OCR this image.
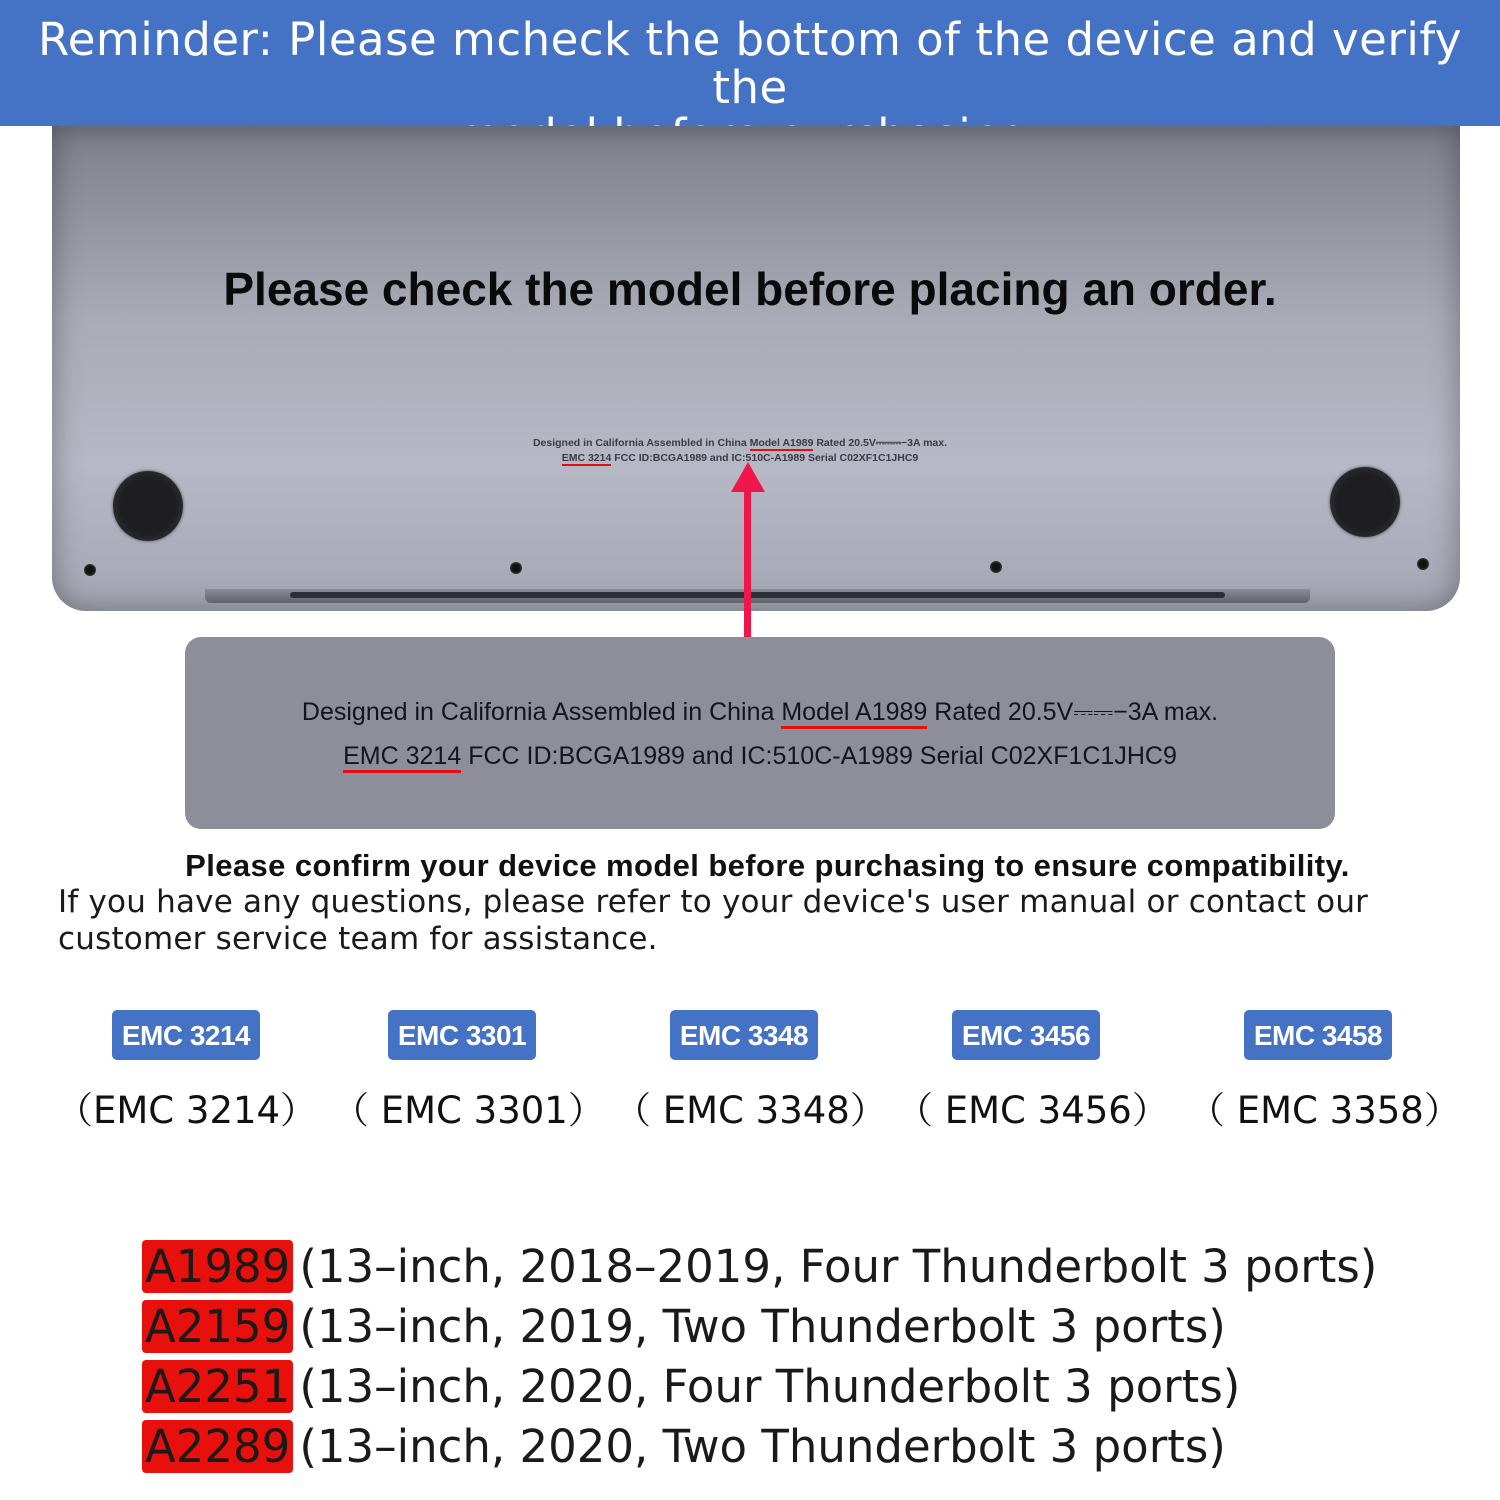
Reminder: Please mcheck the bottom of the device and verify the
Please check the model before placing an order.
Designed in California Assembled in China Model A1989 Rated 20.5V⎓⎓⎓−3A max.
EMC 3214 FCC ID:BCGA1989 and IC:510C-A1989 Serial C02XF1C1JHC9
Designed in California Assembled in China Model A1989 Rated 20.5V⎓⎓−3A max.
EMC 3214 FCC ID:BCGA1989 and IC:510C-A1989 Serial C02XF1C1JHC9
Please confirm your device model before purchasing to ensure compatibility.
If you have any questions, please refer to your device's user manual or contact our customer service team for assistance.
EMC 3214
（EMC 3214）
EMC 3301
（ EMC 3301）
EMC 3348
（ EMC 3348）
EMC 3456
（ EMC 3456）
EMC 3458
（ EMC 3358）
A1989 (13–inch, 2018–2019, Four Thunderbolt 3 ports)
A2159 (13–inch, 2019, Two Thunderbolt 3 ports)
A2251 (13–inch, 2020, Four Thunderbolt 3 ports)
A2289 (13–inch, 2020, Two Thunderbolt 3 ports)
